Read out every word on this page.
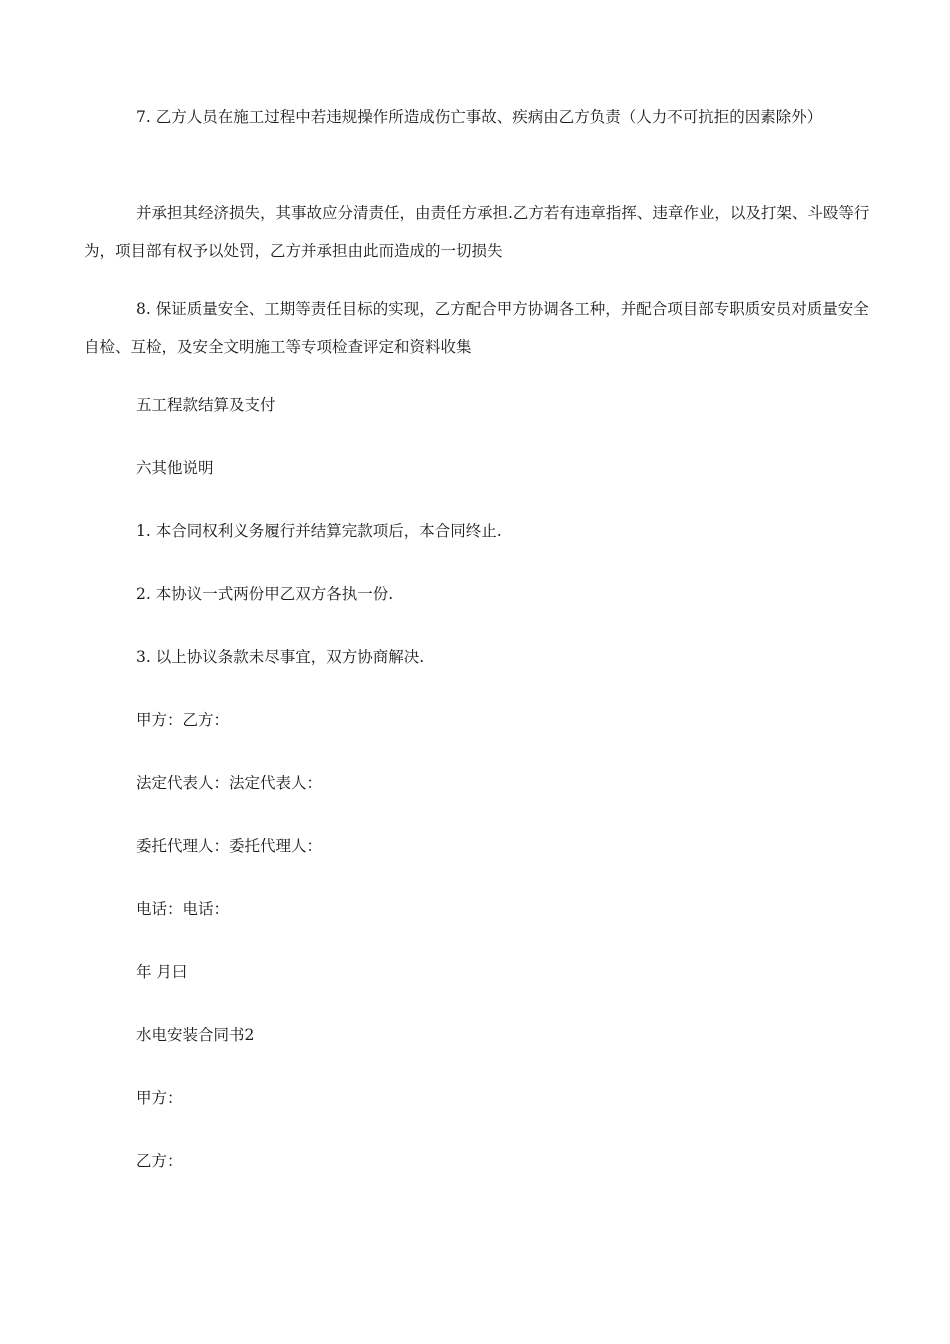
7. 乙方人员在施工过程中若违规操作所造成伤亡事故、疾病由乙方负责（人力不可抗拒的因素除外）

并承担其经济损失，其事故应分清责任，由责任方承担.乙方若有违章指挥、违章作业，以及打架、斗殴等行为，项目部有权予以处罚，乙方并承担由此而造成的一切损失

8. 保证质量安全、工期等责任目标的实现，乙方配合甲方协调各工种，并配合项目部专职质安员对质量安全自检、互检，及安全文明施工等专项检查评定和资料收集

五工程款结算及支付

六其他说明

1. 本合同权利义务履行并结算完款项后，本合同终止.

2. 本协议一式两份甲乙双方各执一份.

3. 以上协议条款未尽事宜，双方协商解决.

甲方：乙方：

法定代表人：法定代表人：

委托代理人：委托代理人：

电话：电话：

年 月曰

水电安装合同书2

甲方：

乙方：
